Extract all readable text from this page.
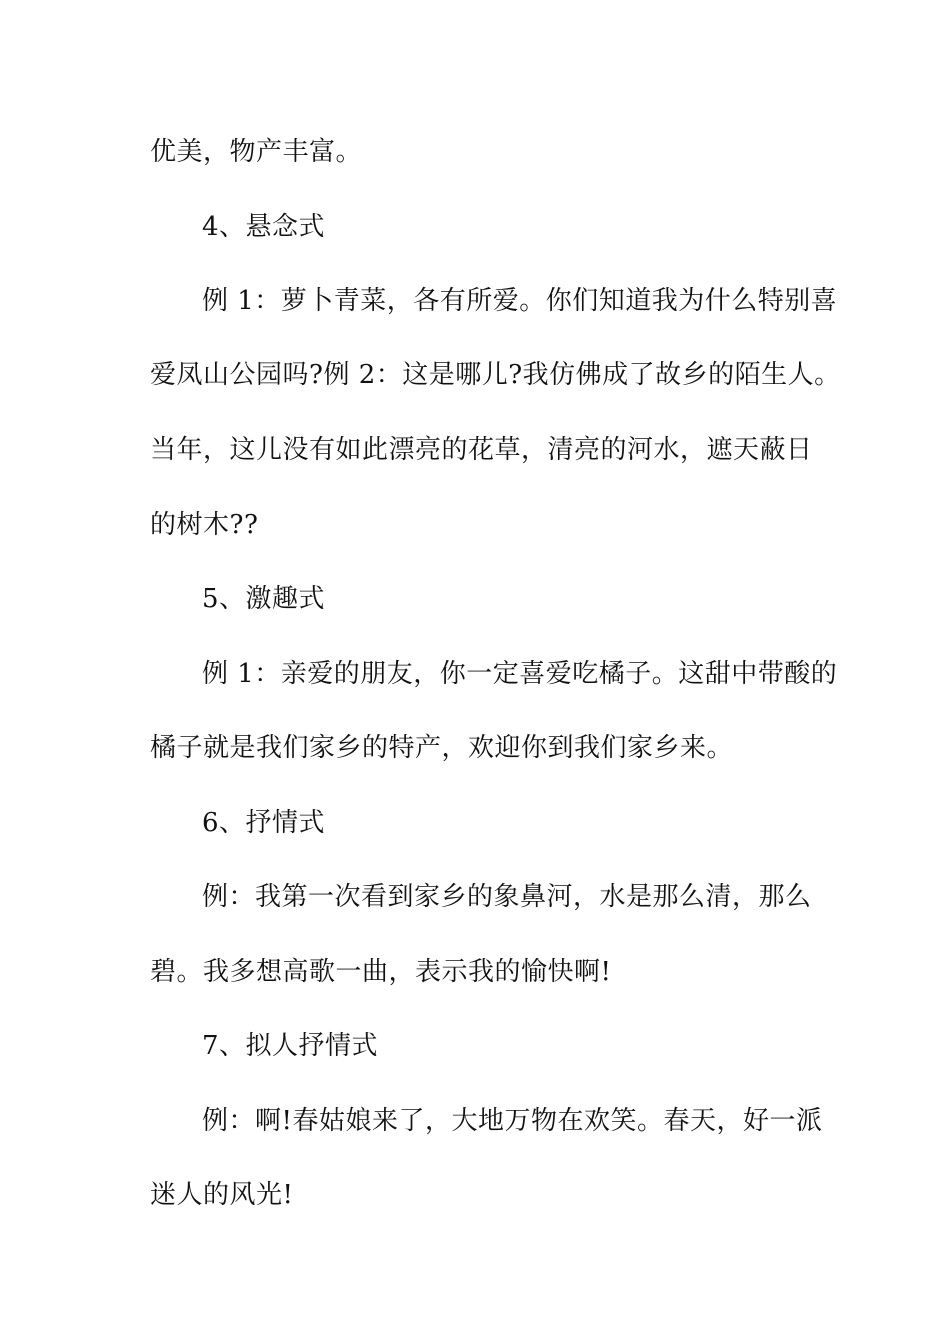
优美，物产丰富。
4、悬念式
例 1：萝卜青菜，各有所爱。你们知道我为什么特别喜
爱凤山公园吗?例 2：这是哪儿?我仿佛成了故乡的陌生人。
当年，这儿没有如此漂亮的花草，清亮的河水，遮天蔽日
的树木??
5、激趣式
例 1：亲爱的朋友，你一定喜爱吃橘子。这甜中带酸的
橘子就是我们家乡的特产，欢迎你到我们家乡来。
6、抒情式
例：我第一次看到家乡的象鼻河，水是那么清，那么
碧。我多想高歌一曲，表示我的愉快啊!
7、拟人抒情式
例：啊!春姑娘来了，大地万物在欢笑。春天，好一派
迷人的风光!
